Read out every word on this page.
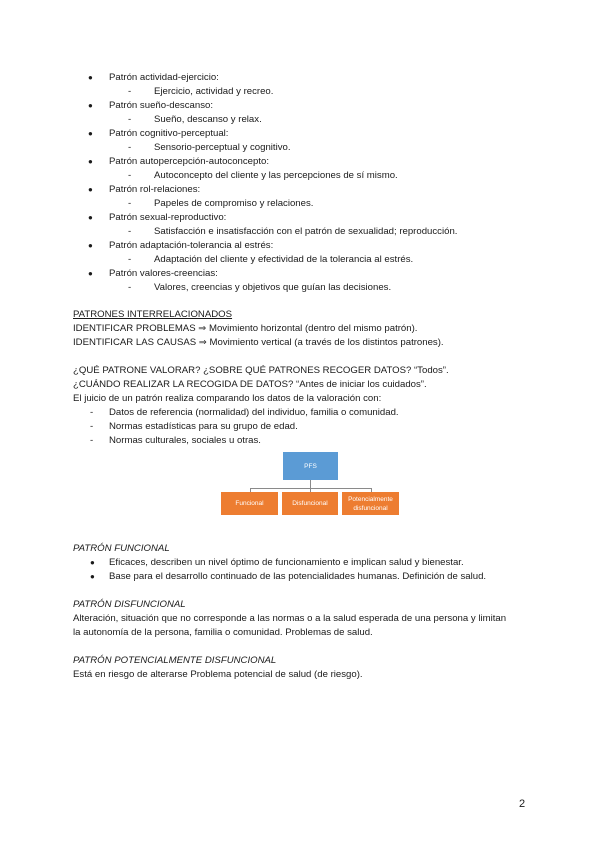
● Patrón actividad-ejercicio:
- Ejercicio, actividad y recreo.
● Patrón sueño-descanso:
- Sueño, descanso y relax.
● Patrón cognitivo-perceptual:
- Sensorio-perceptual y cognitivo.
● Patrón autopercepción-autoconcepto:
- Autoconcepto del cliente y las percepciones de sí mismo.
● Patrón rol-relaciones:
- Papeles de compromiso y relaciones.
● Patrón sexual-reproductivo:
- Satisfacción e insatisfacción con el patrón de sexualidad; reproducción.
● Patrón adaptación-tolerancia al estrés:
- Adaptación del cliente y efectividad de la tolerancia al estrés.
● Patrón valores-creencias:
- Valores, creencias y objetivos que guían las decisiones.
PATRONES INTERRELACIONADOS
IDENTIFICAR PROBLEMAS ⇒ Movimiento horizontal (dentro del mismo patrón).
IDENTIFICAR LAS CAUSAS ⇒ Movimiento vertical (a través de los distintos patrones).
¿QUÉ PATRONE VALORAR? ¿SOBRE QUÉ PATRONES RECOGER DATOS? “Todos”.
¿CUÁNDO REALIZAR LA RECOGIDA DE DATOS? “Antes de iniciar los cuidados”.
El juicio de un patrón realiza comparando los datos de la valoración con:
- Datos de referencia (normalidad) del individuo, familia o comunidad.
- Normas estadísticas para su grupo de edad.
- Normas culturales, sociales u otras.
PFS
Funcional	Disfuncional
Potencialmente disfuncional
PATRÓN FUNCIONAL
● Eficaces, describen un nivel óptimo de funcionamiento e implican salud y bienestar.
● Base para el desarrollo continuado de las potencialidades humanas. Definición de salud.
PATRÓN DISFUNCIONAL
Alteración, situación que no corresponde a las normas o a la salud esperada de una persona y limitan
la autonomía de la persona, familia o comunidad. Problemas de salud.
PATRÓN POTENCIALMENTE DISFUNCIONAL
Está en riesgo de alterarse Problema potencial de salud (de riesgo).
2
